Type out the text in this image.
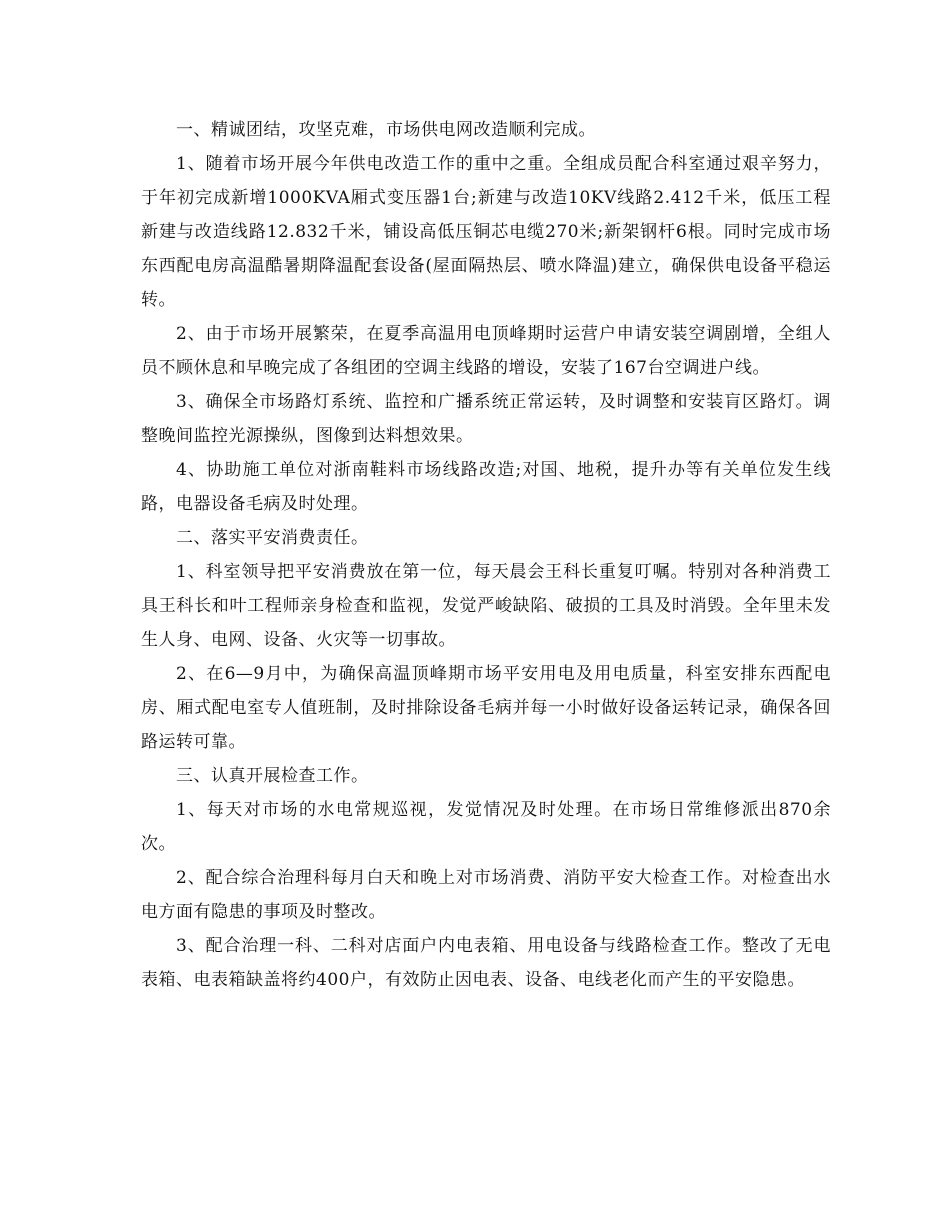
一、精诚团结，攻坚克难，市场供电网改造顺利完成。

1、随着市场开展今年供电改造工作的重中之重。全组成员配合科室通过艰辛努力，于年初完成新增1000KVA厢式变压器1台;新建与改造10KV线路2.412千米，低压工程新建与改造线路12.832千米，铺设高低压铜芯电缆270米;新架钢杆6根。同时完成市场东西配电房高温酷暑期降温配套设备(屋面隔热层、喷水降温)建立，确保供电设备平稳运转。

2、由于市场开展繁荣，在夏季高温用电顶峰期时运营户申请安装空调剧增，全组人员不顾休息和早晚完成了各组团的空调主线路的增设，安装了167台空调进户线。

3、确保全市场路灯系统、监控和广播系统正常运转，及时调整和安装肓区路灯。调整晚间监控光源操纵，图像到达料想效果。

4、协助施工单位对浙南鞋料市场线路改造;对国、地税，提升办等有关单位发生线路，电器设备毛病及时处理。

二、落实平安消费责任。

1、科室领导把平安消费放在第一位，每天晨会王科长重复叮嘱。特别对各种消费工具王科长和叶工程师亲身检查和监视，发觉严峻缺陷、破损的工具及时消毁。全年里未发生人身、电网、设备、火灾等一切事故。

2、在6—9月中，为确保高温顶峰期市场平安用电及用电质量，科室安排东西配电房、厢式配电室专人值班制，及时排除设备毛病并每一小时做好设备运转记录，确保各回路运转可靠。

三、认真开展检查工作。

1、每天对市场的水电常规巡视，发觉情况及时处理。在市场日常维修派出870余次。

2、配合综合治理科每月白天和晚上对市场消费、消防平安大检查工作。对检查出水电方面有隐患的事项及时整改。

3、配合治理一科、二科对店面户内电表箱、用电设备与线路检查工作。整改了无电表箱、电表箱缺盖将约400户，有效防止因电表、设备、电线老化而产生的平安隐患。
